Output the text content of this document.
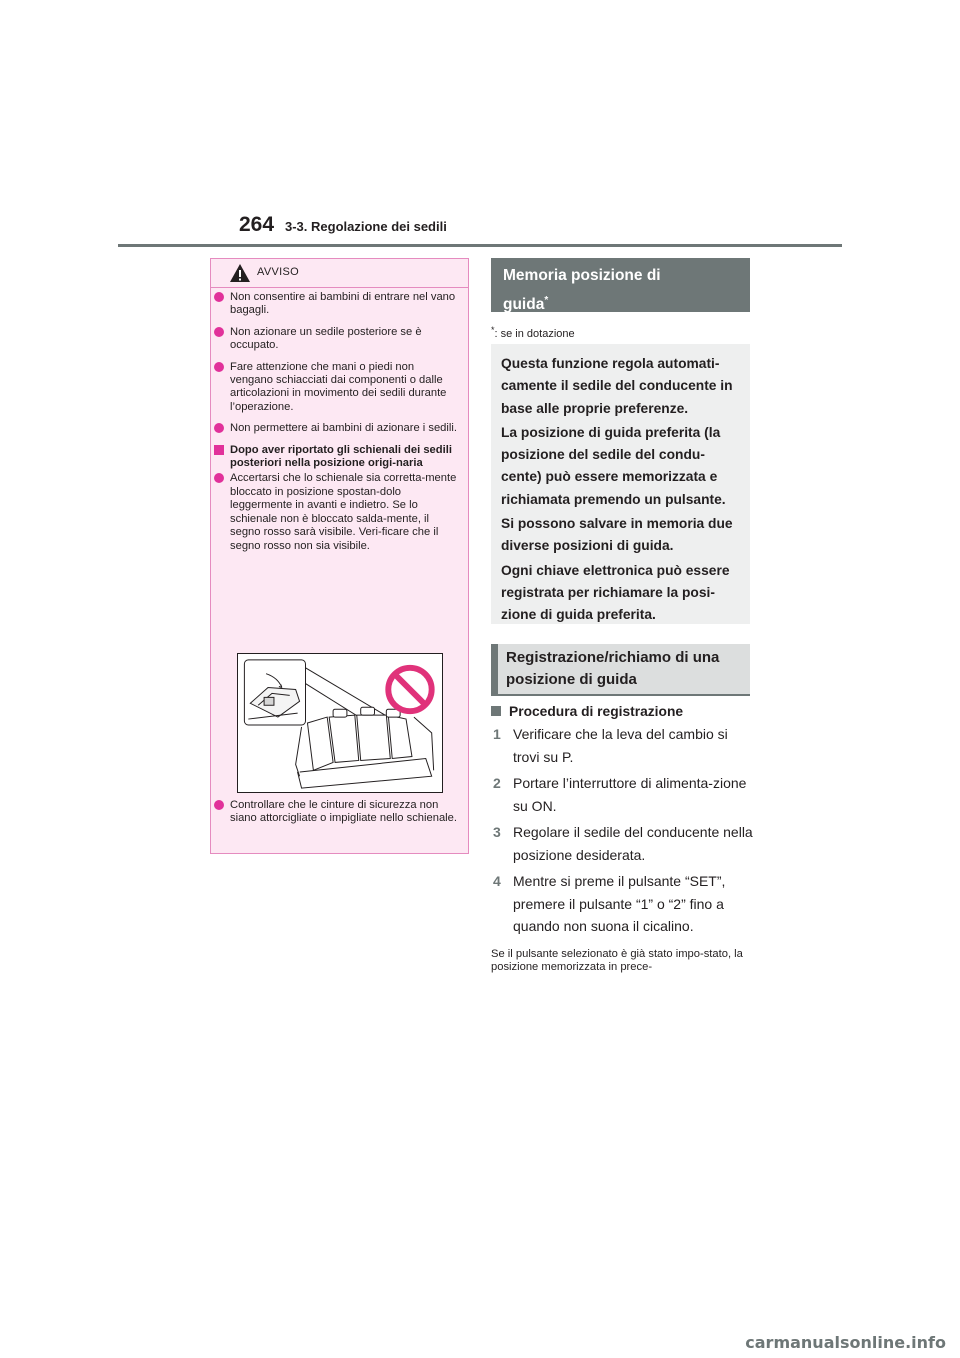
264 3-3. Regolazione dei sedili
AVVISO
Non consentire ai bambini di entrare nel vano bagagli.
Non azionare un sedile posteriore se è occupato.
Fare attenzione che mani o piedi non vengano schiacciati dai componenti o dalle articolazioni in movimento dei sedili durante l’operazione.
Non permettere ai bambini di azionare i sedili.
Dopo aver riportato gli schienali dei sedili posteriori nella posizione origi-naria
Accertarsi che lo schienale sia corretta-mente bloccato in posizione spostan-dolo leggermente in avanti e indietro. Se lo schienale non è bloccato salda-mente, il segno rosso sarà visibile. Veri-ficare che il segno rosso non sia visibile.
Controllare che le cinture di sicurezza non siano attorcigliate o impigliate nello schienale.
Memoria posizione di
guida*
*: se in dotazione

Questa funzione regola automati-camente il sedile del conducente in base alle proprie preferenze.

La posizione di guida preferita (la posizione del sedile del condu-cente) può essere memorizzata e richiamata premendo un pulsante.

Si possono salvare in memoria due diverse posizioni di guida.

Ogni chiave elettronica può essere registrata per richiamare la posi-zione di guida preferita.

Registrazione/richiamo di una posizione di guida
Procedura di registrazione
1 Verificare che la leva del cambio si trovi su P.
2 Portare l’interruttore di alimenta-zione su ON.
3 Regolare il sedile del conducente nella posizione desiderata.
4 Mentre si preme il pulsante “SET”, premere il pulsante “1” o “2” fino a quando non suona il cicalino.
Se il pulsante selezionato è già stato impo-stato, la posizione memorizzata in prece-
carmanualsonline.info
